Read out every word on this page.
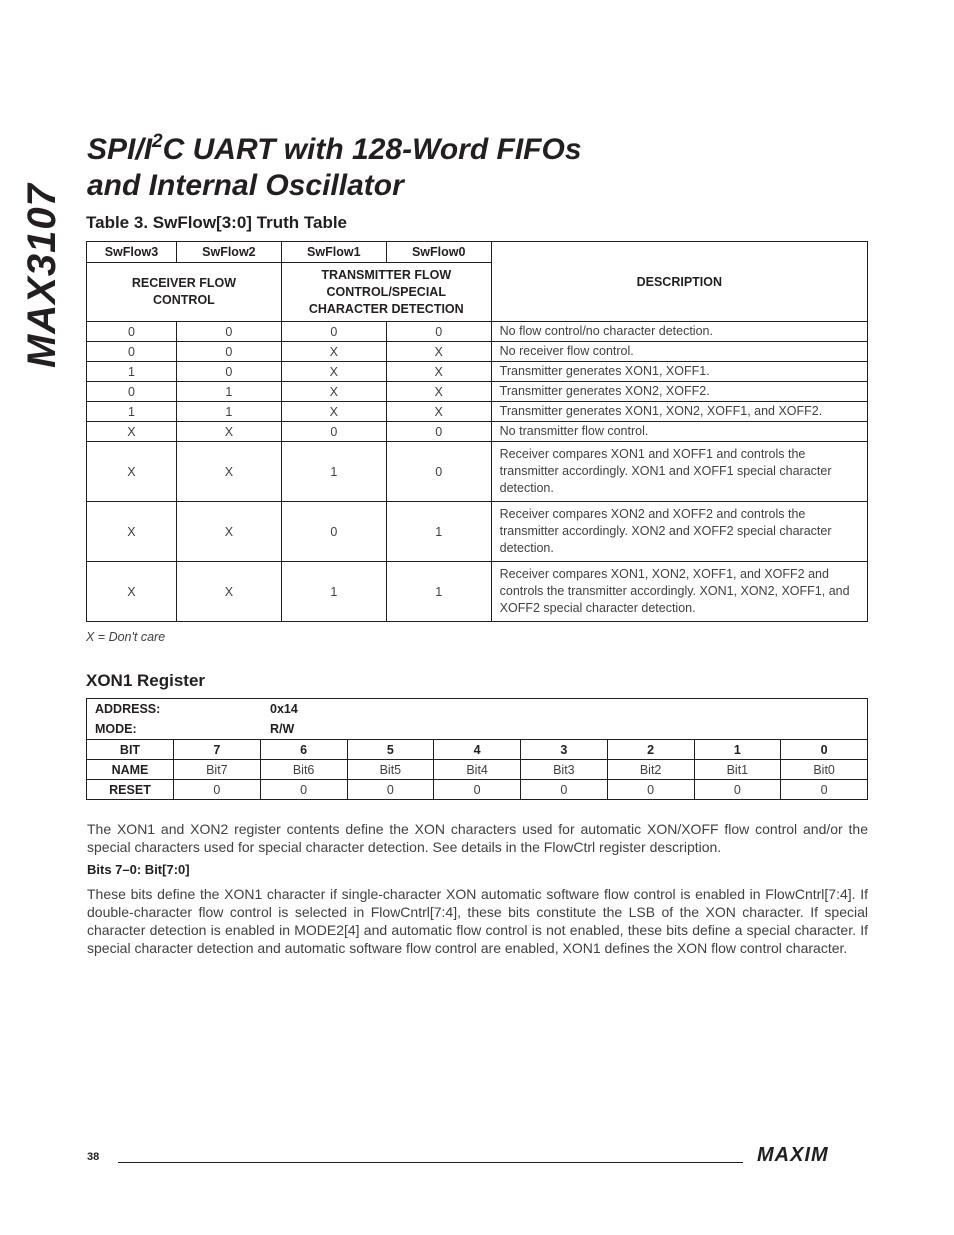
MAX3107
SPI/$I^2C$ UART with 128-Word FIFOs
and Internal Oscillator
Table 3. SwFlow[3:0] Truth Table
SwFlow3	SwFlow2	SwFlow1	SwFlow0	DESCRIPTION
RECEIVER FLOW CONTROL		TRANSMITTER FLOW CONTROL/SPECIAL CHARACTER DETECTION		
0	0	0	0	No flow control/no character detection.
0	0	X	X	No receiver flow control.
1	0	X	X	Transmitter generates XON1, XOFF1.
0	1	X	X	Transmitter generates XON2, XOFF2.
1	1	X	X	Transmitter generates XON1, XON2, XOFF1, and XOFF2.
X	X	0	0	No transmitter flow control.
X	X	1	0	Receiver compares XON1 and XOFF1 and controls the transmitter accordingly. XON1 and XOFF1 special character detection.
X	X	0	1	Receiver compares XON2 and XOFF2 and controls the transmitter accordingly. XON2 and XOFF2 special character detection.
X	X	1	1	Receiver compares XON1, XON2, XOFF1, and XOFF2 and controls the transmitter accordingly. XON1, XON2, XOFF1, and XOFF2 special character detection.
X = Don't care
XON1 Register
ADDRESS: 0x14								

MODE: R/W								

BIT	7	6	5	4	3	2	1	0
NAME	Bit7	Bit6	Bit5	Bit4	Bit3	Bit2	Bit1	Bit0
RESET	0	0	0	0	0	0	0	0
The XON1 and XON2 register contents define the XON characters used for automatic XON/XOFF flow control and/or the special characters used for special character detection. See details in the FlowCtrl register description.
Bits 7–0: Bit[7:0]
These bits define the XON1 character if single-character XON automatic software flow control is enabled in FlowCntrl[7:4]. If double-character flow control is selected in FlowCntrl[7:4], these bits constitute the LSB of the XON character. If special character detection is enabled in MODE2[4] and automatic flow control is not enabled, these bits define a special character. If special character detection and automatic software flow control are enabled, XON1 defines the XON flow control character.
38	MAXIM
